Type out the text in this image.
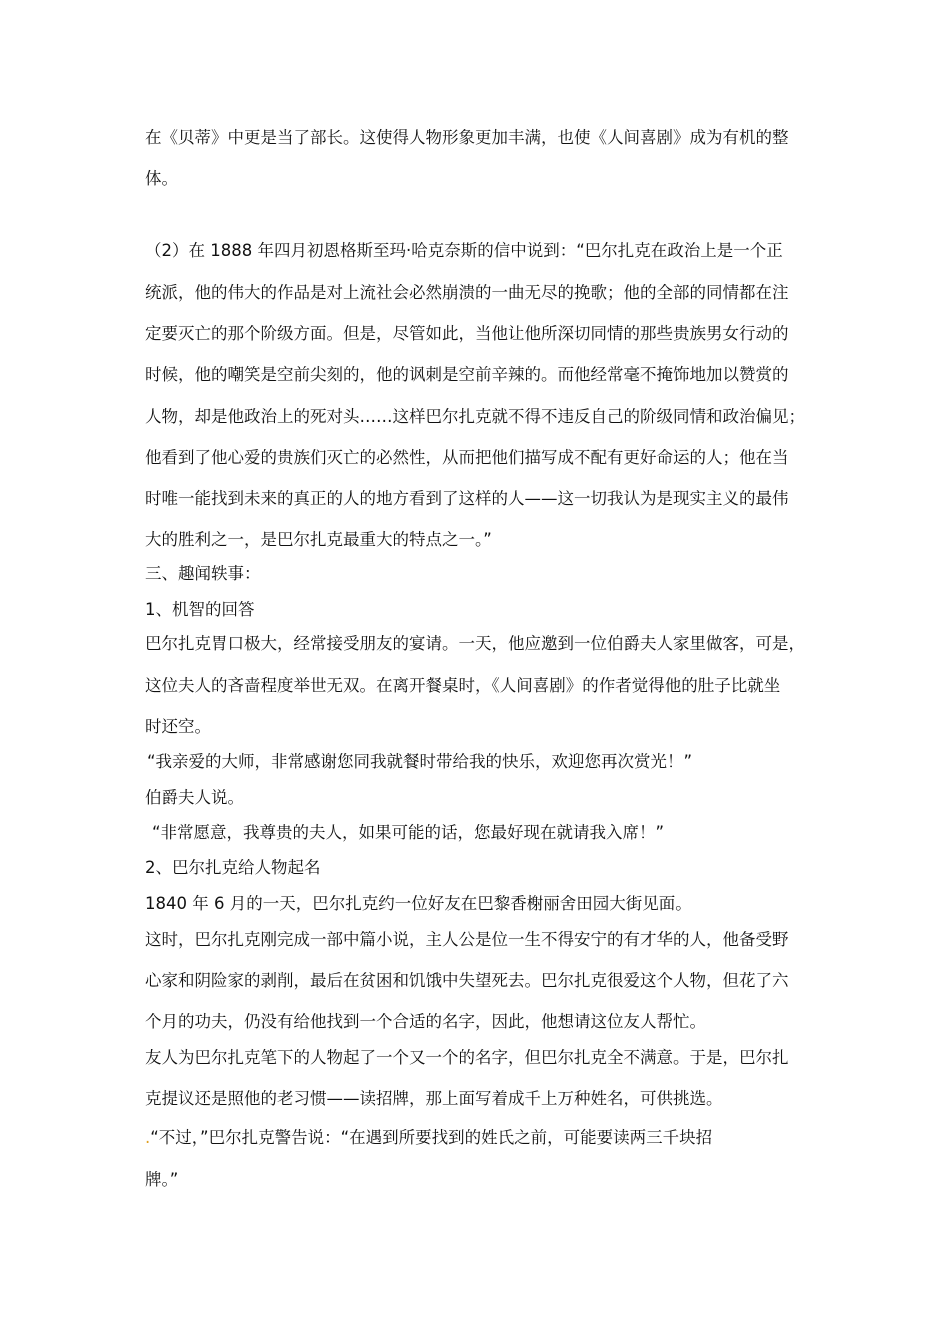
在《贝蒂》中更是当了部长。这使得人物形象更加丰满，也使《人间喜剧》成为有机的整
体。
（2）在 1888 年四月初恩格斯至玛·哈克奈斯的信中说到：“巴尔扎克在政治上是一个正
统派，他的伟大的作品是对上流社会必然崩溃的一曲无尽的挽歌；他的全部的同情都在注
定要灭亡的那个阶级方面。但是，尽管如此，当他让他所深切同情的那些贵族男女行动的
时候，他的嘲笑是空前尖刻的，他的讽刺是空前辛辣的。而他经常毫不掩饰地加以赞赏的
人物，却是他政治上的死对头……这样巴尔扎克就不得不违反自己的阶级同情和政治偏见；
他看到了他心爱的贵族们灭亡的必然性，从而把他们描写成不配有更好命运的人；他在当
时唯一能找到未来的真正的人的地方看到了这样的人——这一切我认为是现实主义的最伟
大的胜利之一，是巴尔扎克最重大的特点之一。”
三、趣闻轶事：
1、机智的回答
巴尔扎克胃口极大，经常接受朋友的宴请。一天，他应邀到一位伯爵夫人家里做客，可是，
这位夫人的吝啬程度举世无双。在离开餐桌时，《人间喜剧》的作者觉得他的肚子比就坐
时还空。
“我亲爱的大师，非常感谢您同我就餐时带给我的快乐，欢迎您再次赏光！”
伯爵夫人说。
“非常愿意，我尊贵的夫人，如果可能的话，您最好现在就请我入席！”
2、巴尔扎克给人物起名
1840 年 6 月的一天，巴尔扎克约一位好友在巴黎香榭丽舍田园大街见面。
这时，巴尔扎克刚完成一部中篇小说，主人公是位一生不得安宁的有才华的人，他备受野
心家和阴险家的剥削，最后在贫困和饥饿中失望死去。巴尔扎克很爱这个人物，但花了六
个月的功夫，仍没有给他找到一个合适的名字，因此，他想请这位友人帮忙。
友人为巴尔扎克笔下的人物起了一个又一个的名字，但巴尔扎克全不满意。于是，巴尔扎
克提议还是照他的老习惯——读招牌，那上面写着成千上万种姓名，可供挑选。
.“不过，”巴尔扎克警告说：“在遇到所要找到的姓氏之前，可能要读两三千块招
牌。”
